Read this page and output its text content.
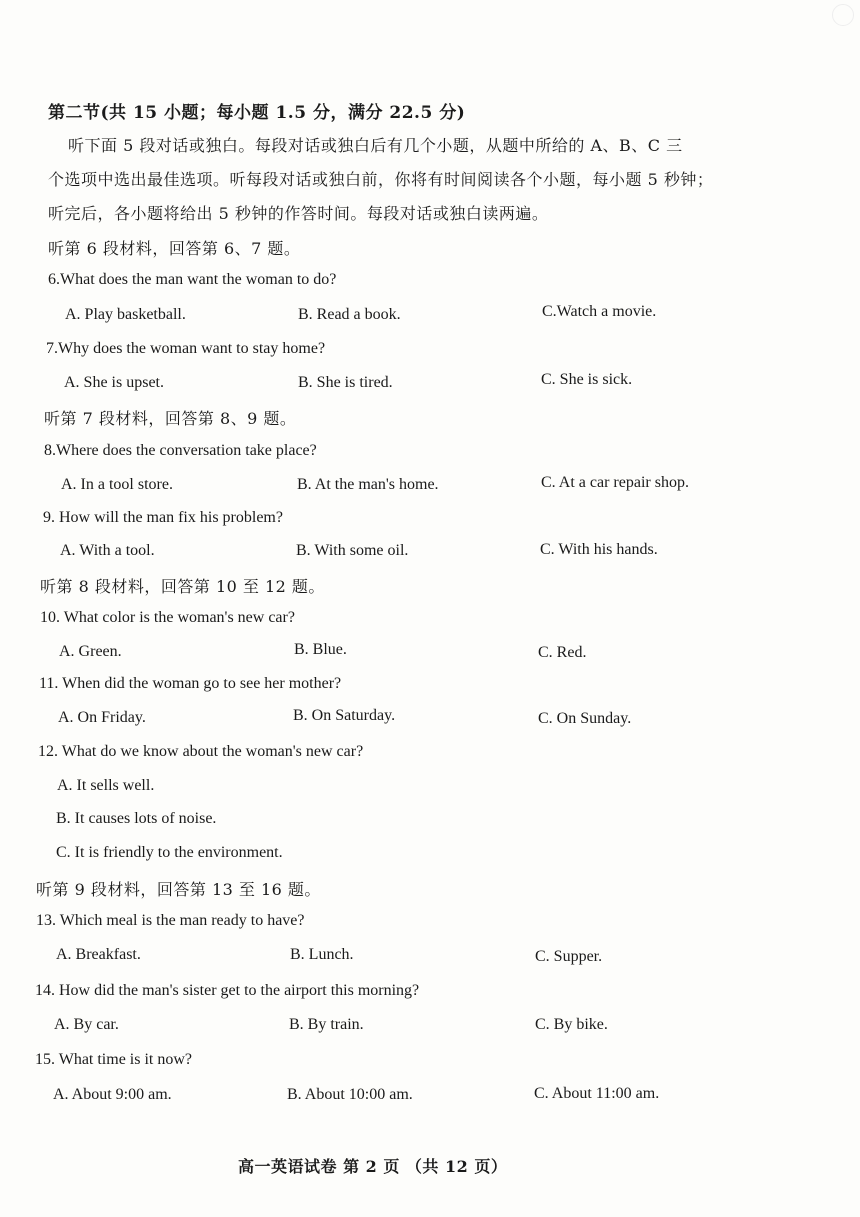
第二节(共 15 小题；每小题 1.5 分，满分 22.5 分)
听下面 5 段对话或独白。每段对话或独白后有几个小题，从题中所给的 A、B、C 三
个选项中选出最佳选项。听每段对话或独白前，你将有时间阅读各个小题，每小题 5 秒钟；
听完后，各小题将给出 5 秒钟的作答时间。每段对话或独白读两遍。
听第 6 段材料，回答第 6、7 题。
6.What does the man want the woman to do?
A. Play basketball.	B. Read a book.	C.Watch a movie.
7.Why does the woman want to stay home?
A. She is upset.	B. She is tired.	C. She is sick.
听第 7 段材料，回答第 8、9 题。
8.Where does the conversation take place?
A. In a tool store.	B. At the man's home.	C. At a car repair shop.
9. How will the man fix his problem?
A. With a tool.	B. With some oil.	C. With his hands.
听第 8 段材料，回答第 10 至 12 题。
10. What color is the woman's new car?
A. Green.	B. Blue.	C. Red.
11. When did the woman go to see her mother?
A. On Friday.	B. On Saturday.	C. On Sunday.
12. What do we know about the woman's new car?
A. It sells well.
B. It causes lots of noise.
C. It is friendly to the environment.
听第 9 段材料，回答第 13 至 16 题。
13. Which meal is the man ready to have?
A. Breakfast.	B. Lunch.	C. Supper.
14. How did the man's sister get to the airport this morning?
A. By car.	B. By train.	C. By bike.
15. What time is it now?
A. About 9:00 am.	B. About 10:00 am.	C. About 11:00 am.
高一英语试卷 第 2 页 （共 12 页）
